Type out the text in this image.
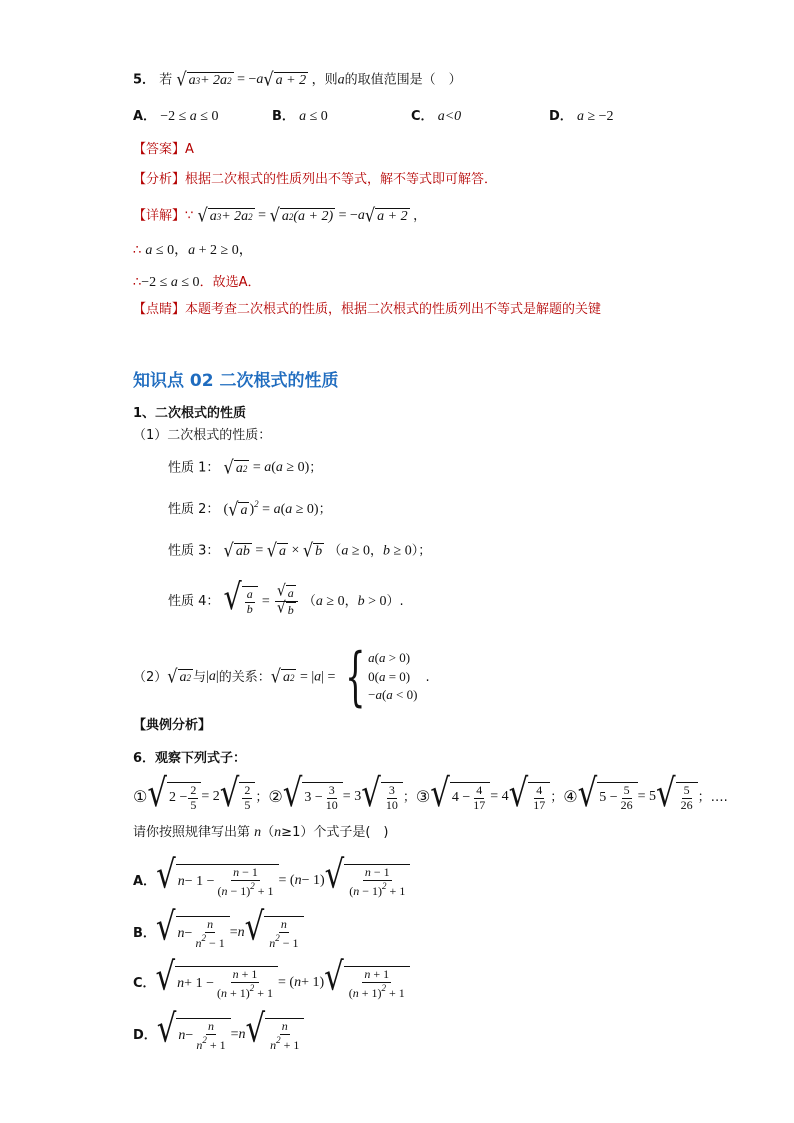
5． 若 √ a 3 + 2a 2 = −a √ a + 2 ，则a的取值范围是（　）
A． −2 ≤ a ≤ 0	B． a ≤ 0	C． a<0	D． a ≥ −2
【答案】A
【分析】根据二次根式的性质列出不等式，解不等式即可解答．
【详解】∵ √ a 3 + 2a 2 = √ a 2 (a + 2) = −a √ a + 2 ，
∴ a ≤ 0，a + 2 ≥ 0，
∴−2 ≤ a ≤ 0．故选A．
【点睛】本题考查二次根式的性质，根据二次根式的性质列出不等式是解题的关键
知识点 02 二次根式的性质
1、二次根式的性质
（1）二次根式的性质：
性质 1： √ a 2 = a(a ≥ 0)；
性质 2： ( √ a )$^2$ = a(a ≥ 0)；
性质 3： √ ab = √ a × √ b （a ≥ 0，b ≥ 0）；
性质 4： √ $\frac{a}{b} = \frac{√ a}{√ b} (a \ge 0$，b > 0）.
（2） √ a 2 与 |a| 的关系： √ a 2 = |a| = { a(a > 0)
0(a = 0)
−a(a < 0)
.
【典例分析】
6．观察下列式子：
① √ $2 - \frac{2}{5} = 2$ √ $\frac{2}{5}$ ； ② √ $3 - \frac{3}{10} = 3$ √ $\frac{3}{10}$ ； ③ √ $4 - \frac{4}{17} = 4$ √ $\frac{4}{17}$ ； ④ √ $5 - \frac{5}{26} = 5$ √ $\frac{5}{26}$ ；….
请你按照规律写出第 n（n≥1）个式子是(　)
A． √ $n - 1 - \frac{n - 1}{(n - 1)^2 + 1}$ = ( n − 1) √ $\frac{n - 1}{(n - 1)^2 + 1}$
B． √ $n - \frac{n}{n^2 - 1} = n$ √ $\frac{n}{n^2 - 1}$
C． √ $n + 1 - \frac{n + 1}{(n + 1)^2 + 1}$ = ( n + 1) √ $\frac{n + 1}{(n + 1)^2 + 1}$
D． √ $n - \frac{n}{n^2 + 1} = n$ √ $\frac{n}{n^2 + 1}$
